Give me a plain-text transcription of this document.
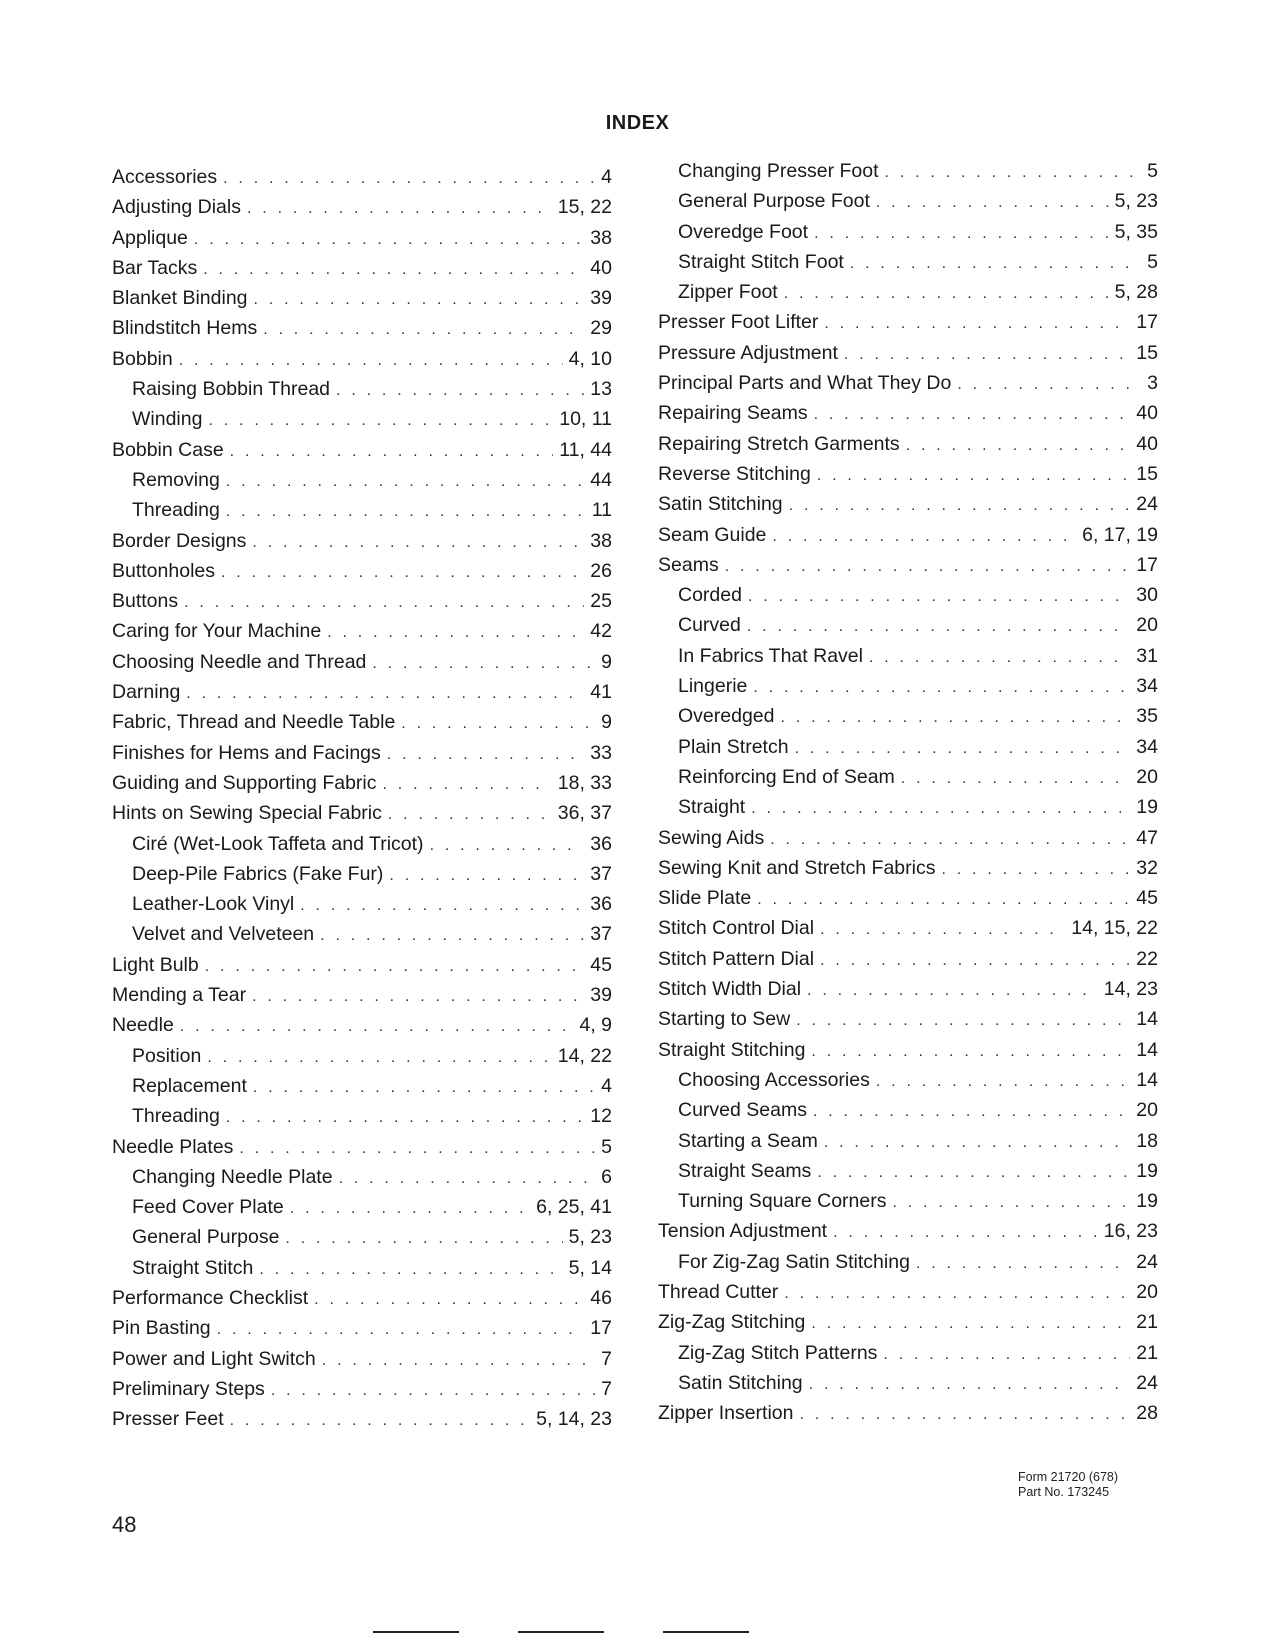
INDEX
Accessories . . .	4
Adjusting Dials . . .	15, 22
Applique . . .	38
Bar Tacks . . .	40
Blanket Binding . . .	39
Blindstitch Hems . . .	29
Bobbin . . .	4, 10
Raising Bobbin Thread . . .	13
Winding . . .	10, 11
Bobbin Case . . .	11, 44
Removing . . .	44
Threading . . .	11
Border Designs . . .	38
Buttonholes . . .	26
Buttons . . .	25
Caring for Your Machine . . .	42
Choosing Needle and Thread . . .	9
Darning . . .	41
Fabric, Thread and Needle Table . . .	9
Finishes for Hems and Facings . . .	33
Guiding and Supporting Fabric . . .	18, 33
Hints on Sewing Special Fabric . . .	36, 37
Ciré (Wet-Look Taffeta and Tricot) . . .	36
Deep-Pile Fabrics (Fake Fur) . . .	37
Leather-Look Vinyl . . .	36
Velvet and Velveteen . . .	37
Light Bulb . . .	45
Mending a Tear . . .	39
Needle . . .	4, 9
Position . . .	14, 22
Replacement . . .	4
Threading . . .	12
Needle Plates . . .	5
Changing Needle Plate . . .	6
Feed Cover Plate . . .	6, 25, 41
General Purpose . . .	5, 23
Straight Stitch . . .	5, 14
Performance Checklist . . .	46
Pin Basting . . .	17
Power and Light Switch . . .	7
Preliminary Steps . . .	7
Presser Feet . . .	5, 14, 23
Changing Presser Foot . . .	5
General Purpose Foot . . .	5, 23
Overedge Foot . . .	5, 35
Straight Stitch Foot . . .	5
Zipper Foot . . .	5, 28
Presser Foot Lifter . . .	17
Pressure Adjustment . . .	15
Principal Parts and What They Do . . .	3
Repairing Seams . . .	40
Repairing Stretch Garments . . .	40
Reverse Stitching . . .	15
Satin Stitching . . .	24
Seam Guide . . .	6, 17, 19
Seams . . .	17
Corded . . .	30
Curved . . .	20
In Fabrics That Ravel . . .	31
Lingerie . . .	34
Overedged . . .	35
Plain Stretch . . .	34
Reinforcing End of Seam . . .	20
Straight . . .	19
Sewing Aids . . .	47
Sewing Knit and Stretch Fabrics . . .	32
Slide Plate . . .	45
Stitch Control Dial . . .	14, 15, 22
Stitch Pattern Dial . . .	22
Stitch Width Dial . . .	14, 23
Starting to Sew . . .	14
Straight Stitching . . .	14
Choosing Accessories . . .	14
Curved Seams . . .	20
Starting a Seam . . .	18
Straight Seams . . .	19
Turning Square Corners . . .	19
Tension Adjustment . . .	16, 23
For Zig-Zag Satin Stitching . . .	24
Thread Cutter . . .	20
Zig-Zag Stitching . . .	21
Zig-Zag Stitch Patterns . . .	21
Satin Stitching . . .	24
Zipper Insertion . . .	28
Form 21720 (678)
Part No. 173245
48
